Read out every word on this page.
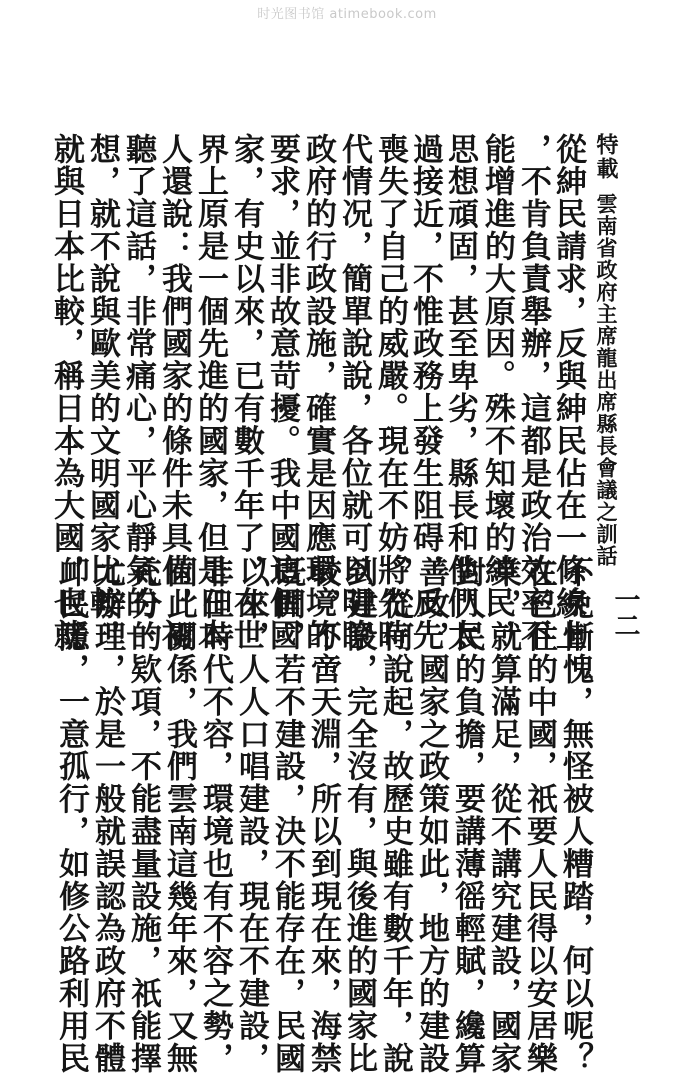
时光图书馆 atimebook.com
一二
特載雲南省政府主席龍出席縣長會議之訓話
從紳民請求，反與紳民佔在一條線上
，不肯負責舉辦，這都是政治效率不
能增進的大原因。殊不知壞的紳民，
思想頑固，甚至卑劣，縣長和他們太
過接近，不惟政務上發生阻碍，反先
喪失了自己的威嚴。現在不妨將先時
代情况，簡單說說，各位就可以明瞭
政府的行政設施，確實是因應環境的
要求，並非故意苛擾。我中國這個國
家，有史以來，已有數千年了，在世
界上原是一個先進的國家，但是日本
人還說：我們國家的條件未具備，初
聽了這話，非常痛心，平心靜氣的一
想，就不說與歐美的文明國家比較，
就與日本比較，稱日本為大國，也就
不免慚愧，無怪被人糟踏，何以呢？
在已往的中國，祇要人民得以安居樂
業，就算滿足，從不講究建設，國家
對人民的負擔，要講薄徭輕賦，纔算
善政，國家之政策如此，地方的建設
，從何說起，故歷史雖有數千年，說
到建設，完全沒有，與後進的國家比
較，不啻天淵，所以到現在來，海禁
既開，若不建設，決不能存在，民國
以來，人人口唱建設，現在不建設，
非但時代不容，環境也有不容之勢，
因此關係，我們雲南這幾年來，又無
充分的欵項，不能盡量設施，祇能擇
尤辦理，於是一般就誤認為政府不體
卹民隱，一意孤行，如修公路利用民
